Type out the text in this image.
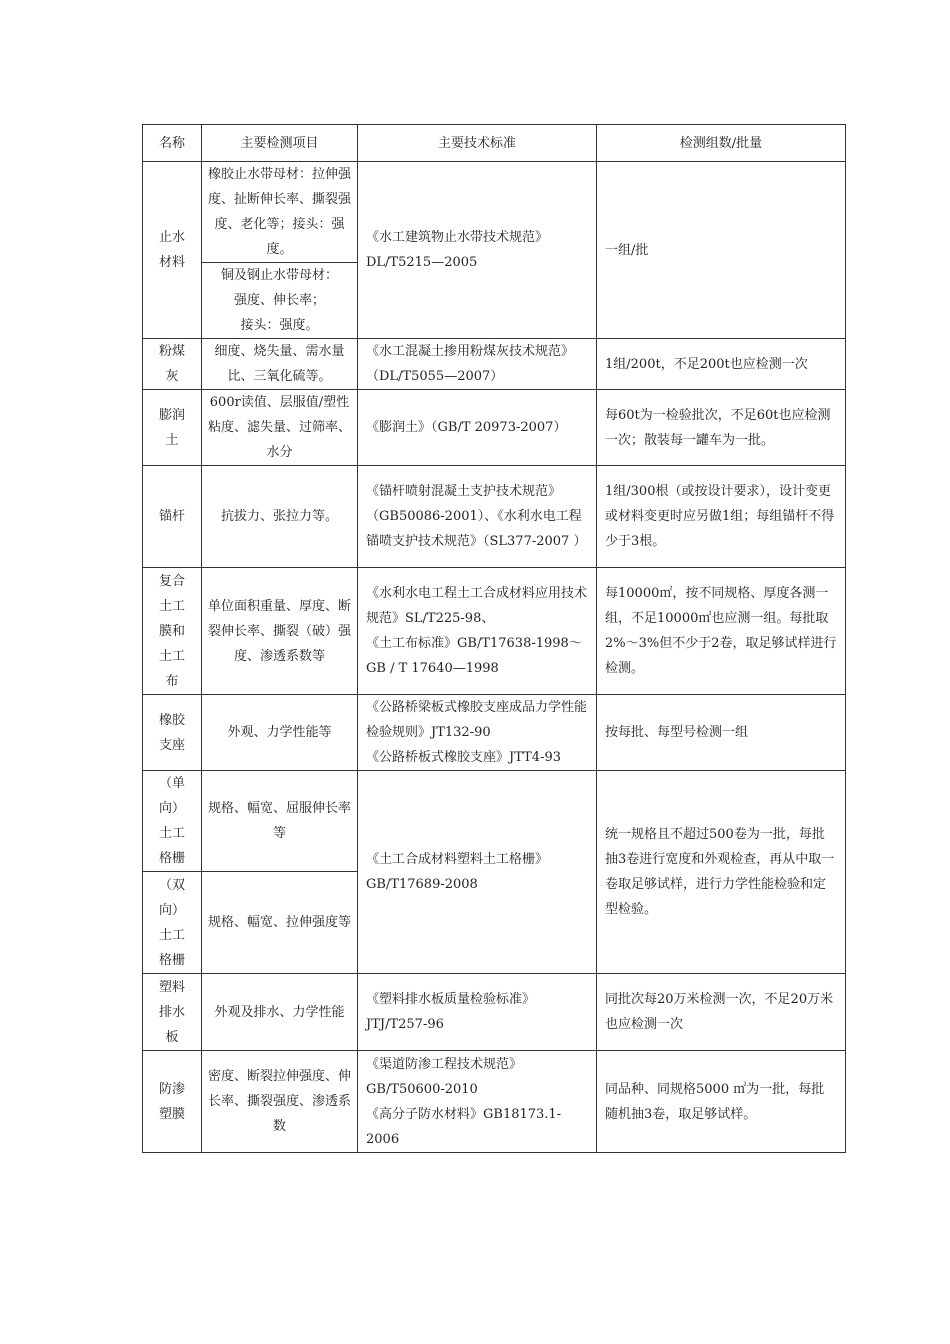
名称	主要检测项目	主要技术标准	检测组数/批量
止水
材料	橡胶止水带母材：拉伸强度、扯断伸长率、撕裂强度、老化等；接头：强度。	《水工建筑物止水带技术规范》DL/T5215—2005	一组/批
	铜及钢止水带母材：
强度、伸长率；
接头：强度。		
粉煤
灰	细度、烧失量、需水量比、三氧化硫等。	《水工混凝土掺用粉煤灰技术规范》（DL/T5055—2007）	1组/200t，不足200t也应检测一次
膨润
土	600r读值、层服值/塑性粘度、滤失量、过筛率、水分	《膨润土》（GB/T 20973-2007）	每60t为一检验批次，不足60t也应检测一次；散装每一罐车为一批。
锚杆	抗拔力、张拉力等。	《锚杆喷射混凝土支护技术规范》（GB50086-2001）、《水利水电工程锚喷支护技术规范》（SL377-2007 ）	1组/300根（或按设计要求），设计变更或材料变更时应另做1组；每组锚杆不得少于3根。
复合
土工
膜和
土工
布	单位面积重量、厚度、断裂伸长率、撕裂（破）强度、渗透系数等	《水利水电工程土工合成材料应用技术规范》SL/T225-98、
《土工布标准》GB/T17638-1998～GB / T 17640—1998	每10000㎡，按不同规格、厚度各测一组，不足10000㎡也应测一组。每批取2%～3%但不少于2卷，取足够试样进行检测。
橡胶
支座	外观、力学性能等	《公路桥梁板式橡胶支座成品力学性能检验规则》JT132-90
《公路桥板式橡胶支座》JTT4-93	按每批、每型号检测一组
（单
向）
土工
格栅	规格、幅宽、屈服伸长率等	《土工合成材料塑料土工格栅》GB/T17689-2008	统一规格且不超过500卷为一批，每批抽3卷进行宽度和外观检查，再从中取一卷取足够试样，进行力学性能检验和定型检验。
（双
向）
土工
格栅	规格、幅宽、拉伸强度等		
塑料
排水
板	外观及排水、力学性能	《塑料排水板质量检验标准》JTJ/T257-96	同批次每20万米检测一次，不足20万米也应检测一次
防渗
塑膜	密度、断裂拉伸强度、伸长率、撕裂强度、渗透系数	《渠道防渗工程技术规范》GB/T50600-2010
《高分子防水材料》GB18173.1-2006	同品种、同规格5000 ㎡为一批，每批随机抽3卷，取足够试样。
